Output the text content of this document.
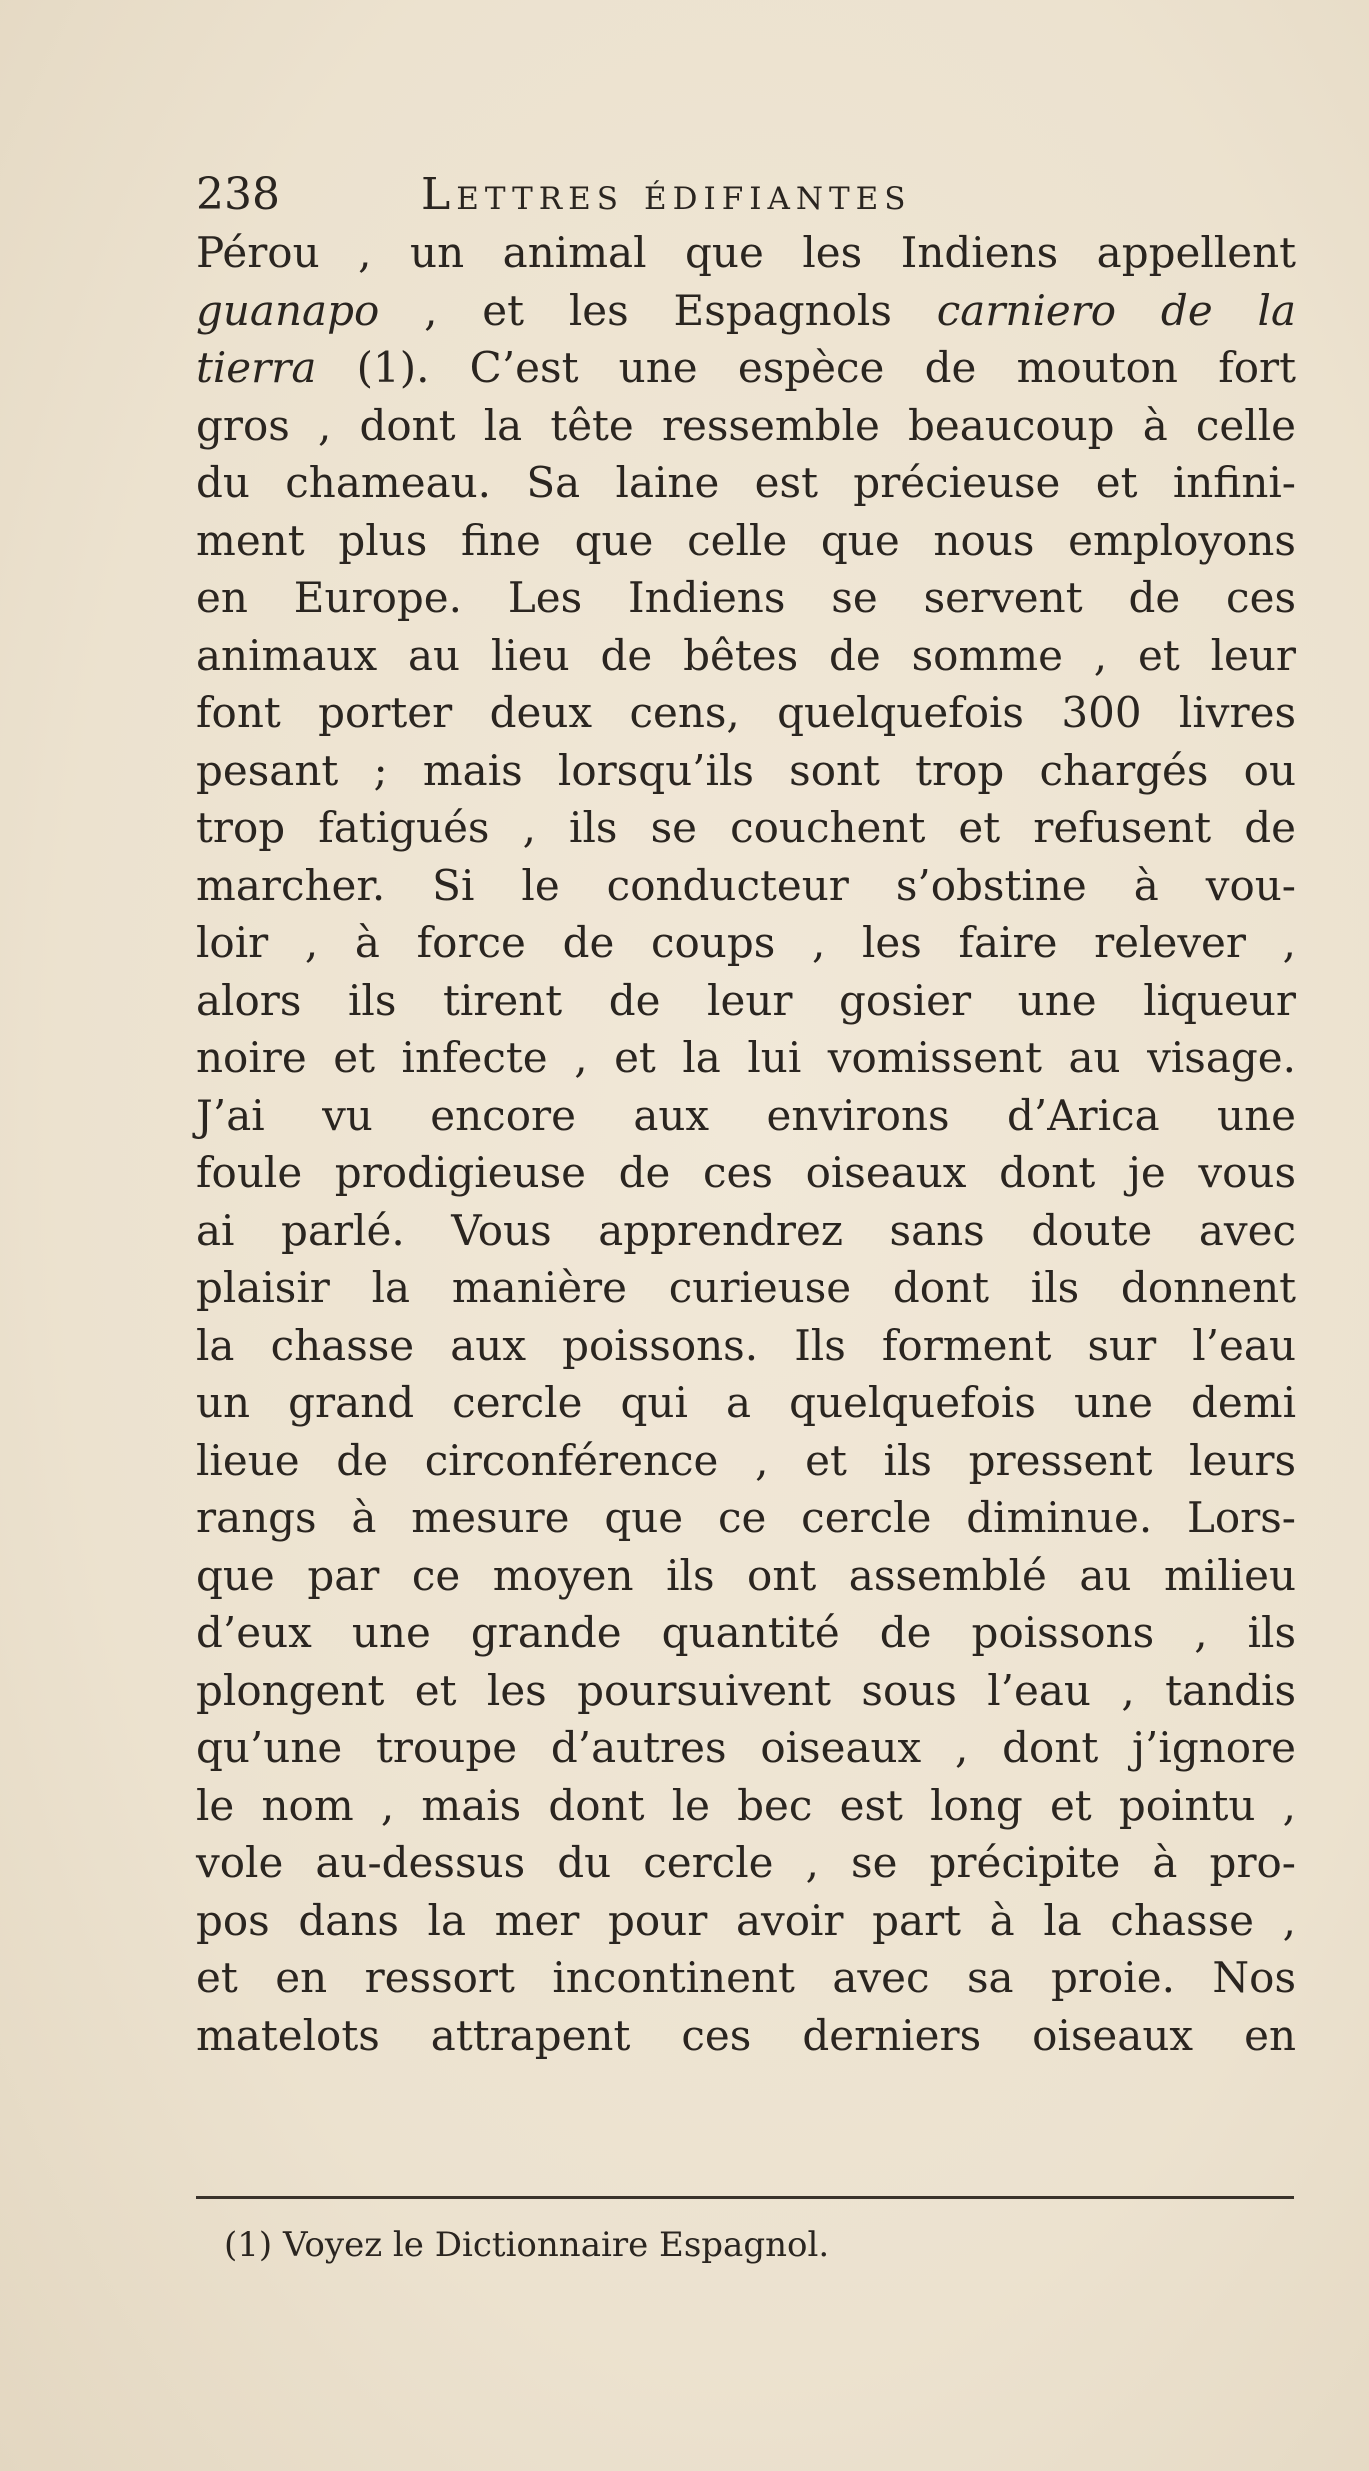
238	Lettres édifiantes
Pérou , un animal que les Indiens appellent
guanapo , et les Espagnols carniero de la
tierra (1). C’est une espèce de mouton fort
gros , dont la tête ressemble beaucoup à celle
du chameau. Sa laine est précieuse et infini-
ment plus fine que celle que nous employons
en Europe. Les Indiens se servent de ces
animaux au lieu de bêtes de somme , et leur
font porter deux cens, quelquefois 300 livres
pesant ; mais lorsqu’ils sont trop chargés ou
trop fatigués , ils se couchent et refusent de
marcher. Si le conducteur s’obstine à vou-
loir , à force de coups , les faire relever ,
alors ils tirent de leur gosier une liqueur
noire et infecte , et la lui vomissent au visage.
J’ai vu encore aux environs d’Arica une
foule prodigieuse de ces oiseaux dont je vous
ai parlé. Vous apprendrez sans doute avec
plaisir la manière curieuse dont ils donnent
la chasse aux poissons. Ils forment sur l’eau
un grand cercle qui a quelquefois une demi
lieue de circonférence , et ils pressent leurs
rangs à mesure que ce cercle diminue. Lors-
que par ce moyen ils ont assemblé au milieu
d’eux une grande quantité de poissons , ils
plongent et les poursuivent sous l’eau , tandis
qu’une troupe d’autres oiseaux , dont j’ignore
le nom , mais dont le bec est long et pointu ,
vole au-dessus du cercle , se précipite à pro-
pos dans la mer pour avoir part à la chasse ,
et en ressort incontinent avec sa proie. Nos
matelots attrapent ces derniers oiseaux en
(1) Voyez le Dictionnaire Espagnol.
